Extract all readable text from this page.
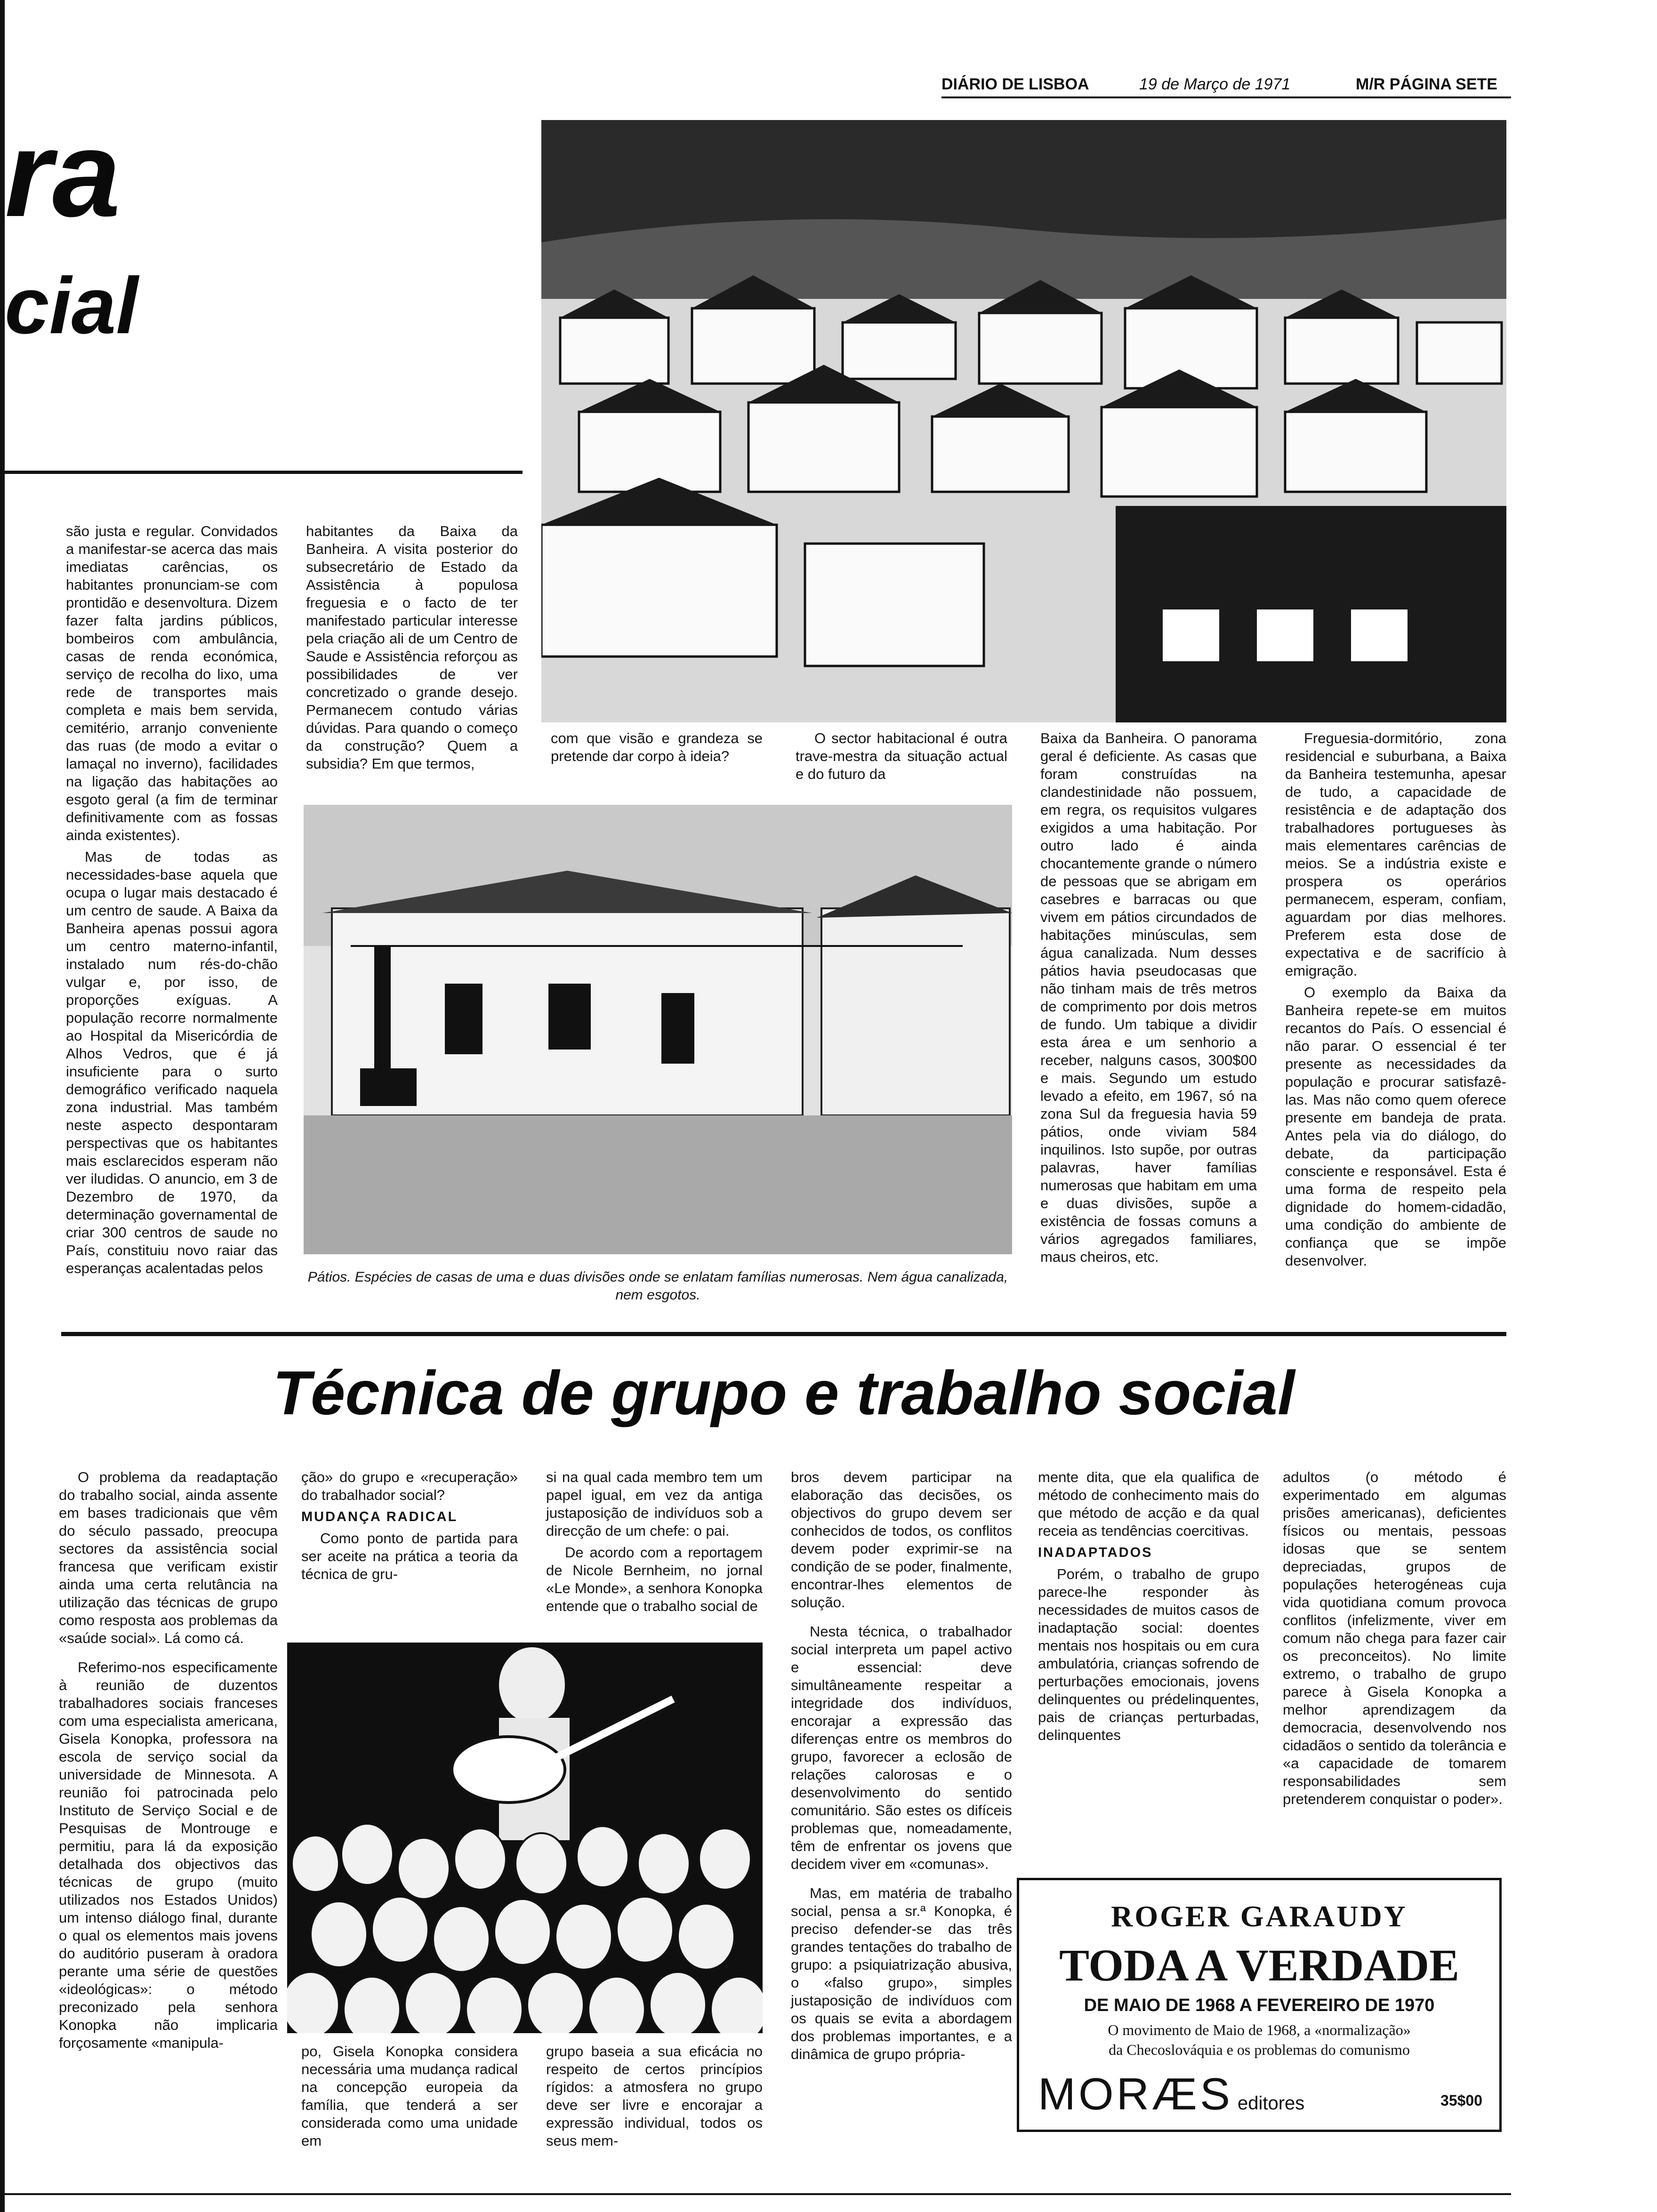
DIÁRIO DE LISBOA	19 de Março de 1971	M/R PÁGINA SETE
ra
cial
Pátios. Espécies de casas de uma e duas divisões onde se enlatam famílias numerosas. Nem água canalizada, nem esgotos.

são justa e regular. Convidados a manifestar-se acerca das mais imediatas carências, os habitantes pronunciam-se com prontidão e desenvoltura. Dizem fazer falta jardins públicos, bombeiros com ambulância, casas de renda económica, serviço de recolha do lixo, uma rede de transportes mais completa e mais bem servida, cemitério, arranjo conveniente das ruas (de modo a evitar o lamaçal no inverno), facilidades na ligação das habitações ao esgoto geral (a fim de terminar definitivamente com as fossas ainda existentes).

Mas de todas as necessidades-base aquela que ocupa o lugar mais destacado é um centro de saude. A Baixa da Banheira apenas possui agora um centro materno-infantil, instalado num rés-do-chão vulgar e, por isso, de proporções exíguas. A população recorre normalmente ao Hospital da Misericórdia de Alhos Vedros, que é já insuficiente para o surto demográfico verificado naquela zona industrial. Mas também neste aspecto despontaram perspectivas que os habitantes mais esclarecidos esperam não ver iludidas. O anuncio, em 3 de Dezembro de 1970, da determinação governamental de criar 300 centros de saude no País, constituiu novo raiar das esperanças acalentadas pelos

habitantes da Baixa da Banheira. A visita posterior do subsecretário de Estado da Assistência à populosa freguesia e o facto de ter manifestado particular interesse pela criação ali de um Centro de Saude e Assistência reforçou as possibilidades de ver concretizado o grande desejo. Permanecem contudo várias dúvidas. Para quando o começo da construção? Quem a subsidia? Em que termos,

com que visão e grandeza se pretende dar corpo à ideia?

O sector habitacional é outra trave-mestra da situação actual e do futuro da

Baixa da Banheira. O panorama geral é deficiente. As casas que foram construídas na clandestinidade não possuem, em regra, os requisitos vulgares exigidos a uma habitação. Por outro lado é ainda chocantemente grande o número de pessoas que se abrigam em casebres e barracas ou que vivem em pátios circundados de habitações minúsculas, sem água canalizada. Num desses pátios havia pseudocasas que não tinham mais de três metros de comprimento por dois metros de fundo. Um tabique a dividir esta área e um senhorio a receber, nalguns casos, 300$00 e mais. Segundo um estudo levado a efeito, em 1967, só na zona Sul da freguesia havia 59 pátios, onde viviam 584 inquilinos. Isto supõe, por outras palavras, haver famílias numerosas que habitam em uma e duas divisões, supõe a existência de fossas comuns a vários agregados familiares, maus cheiros, etc.

Freguesia-dormitório, zona residencial e suburbana, a Baixa da Banheira testemunha, apesar de tudo, a capacidade de resistência e de adaptação dos trabalhadores portugueses às mais elementares carências de meios. Se a indústria existe e prospera os operários permanecem, esperam, confiam, aguardam por dias melhores. Preferem esta dose de expectativa e de sacrifício à emigração.

O exemplo da Baixa da Banheira repete-se em muitos recantos do País. O essencial é não parar. O essencial é ter presente as necessidades da população e procurar satisfazê-las. Mas não como quem oferece presente em bandeja de prata. Antes pela via do diálogo, do debate, da participação consciente e responsável. Esta é uma forma de respeito pela dignidade do homem-cidadão, uma condição do ambiente de confiança que se impõe desenvolver.

Técnica de grupo e trabalho social

O problema da readaptação do trabalho social, ainda assente em bases tradicionais que vêm do século passado, preocupa sectores da assistência social francesa que verificam existir ainda uma certa relutância na utilização das técnicas de grupo como resposta aos problemas da «saúde social». Lá como cá.

Referimo-nos especificamente à reunião de duzentos trabalhadores sociais franceses com uma especialista americana, Gisela Konopka, professora na escola de serviço social da universidade de Minnesota. A reunião foi patrocinada pelo Instituto de Serviço Social e de Pesquisas de Montrouge e permitiu, para lá da exposição detalhada dos objectivos das técnicas de grupo (muito utilizados nos Estados Unidos) um intenso diálogo final, durante o qual os elementos mais jovens do auditório puseram à oradora perante uma série de questões «ideológicas»: o método preconizado pela senhora Konopka não implicaria forçosamente «manipula-

ção» do grupo e «recuperação» do trabalhador social?

MUDANÇA RADICAL

Como ponto de partida para ser aceite na prática a teoria da técnica de gru-

si na qual cada membro tem um papel igual, em vez da antiga justaposição de indivíduos sob a direcção de um chefe: o pai.

De acordo com a reportagem de Nicole Bernheim, no jornal «Le Monde», a senhora Konopka entende que o trabalho social de

po, Gisela Konopka considera necessária uma mudança radical na concepção europeia da família, que tenderá a ser considerada como uma unidade em

grupo baseia a sua eficácia no respeito de certos princípios rígidos: a atmosfera no grupo deve ser livre e encorajar a expressão individual, todos os seus mem-

bros devem participar na elaboração das decisões, os objectivos do grupo devem ser conhecidos de todos, os conflitos devem poder exprimir-se na condição de se poder, finalmente, encontrar-lhes elementos de solução.

Nesta técnica, o trabalhador social interpreta um papel activo e essencial: deve simultâneamente respeitar a integridade dos indivíduos, encorajar a expressão das diferenças entre os membros do grupo, favorecer a eclosão de relações calorosas e o desenvolvimento do sentido comunitário. São estes os difíceis problemas que, nomeadamente, têm de enfrentar os jovens que decidem viver em «comunas».

Mas, em matéria de trabalho social, pensa a sr.ª Konopka, é preciso defender-se das três grandes tentações do trabalho de grupo: a psiquiatrização abusiva, o «falso grupo», simples justaposição de indivíduos com os quais se evita a abordagem dos problemas importantes, e a dinâmica de grupo própria-

mente dita, que ela qualifica de método de conhecimento mais do que método de acção e da qual receia as tendências coercitivas.

INADAPTADOS

Porém, o trabalho de grupo parece-lhe responder às necessidades de muitos casos de inadaptação social: doentes mentais nos hospitais ou em cura ambulatória, crianças sofrendo de perturbações emocionais, jovens delinquentes ou prédelinquentes, pais de crianças perturbadas, delinquentes

adultos (o método é experimentado em algumas prisões americanas), deficientes físicos ou mentais, pessoas idosas que se sentem depreciadas, grupos de populações heterogéneas cuja vida quotidiana comum provoca conflitos (infelizmente, viver em comum não chega para fazer cair os preconceitos). No limite extremo, o trabalho de grupo parece à Gisela Konopka a melhor aprendizagem da democracia, desenvolvendo nos cidadãos o sentido da tolerância e «a capacidade de tomarem responsabilidades sem pretenderem conquistar o poder».

ROGER GARAUDY
TODA A VERDADE
DE MAIO DE 1968 A FEVEREIRO DE 1970
O movimento de Maio de 1968, a «normalização»
da Checoslováquia e os problemas do comunismo
MORÆS editores	35$00
